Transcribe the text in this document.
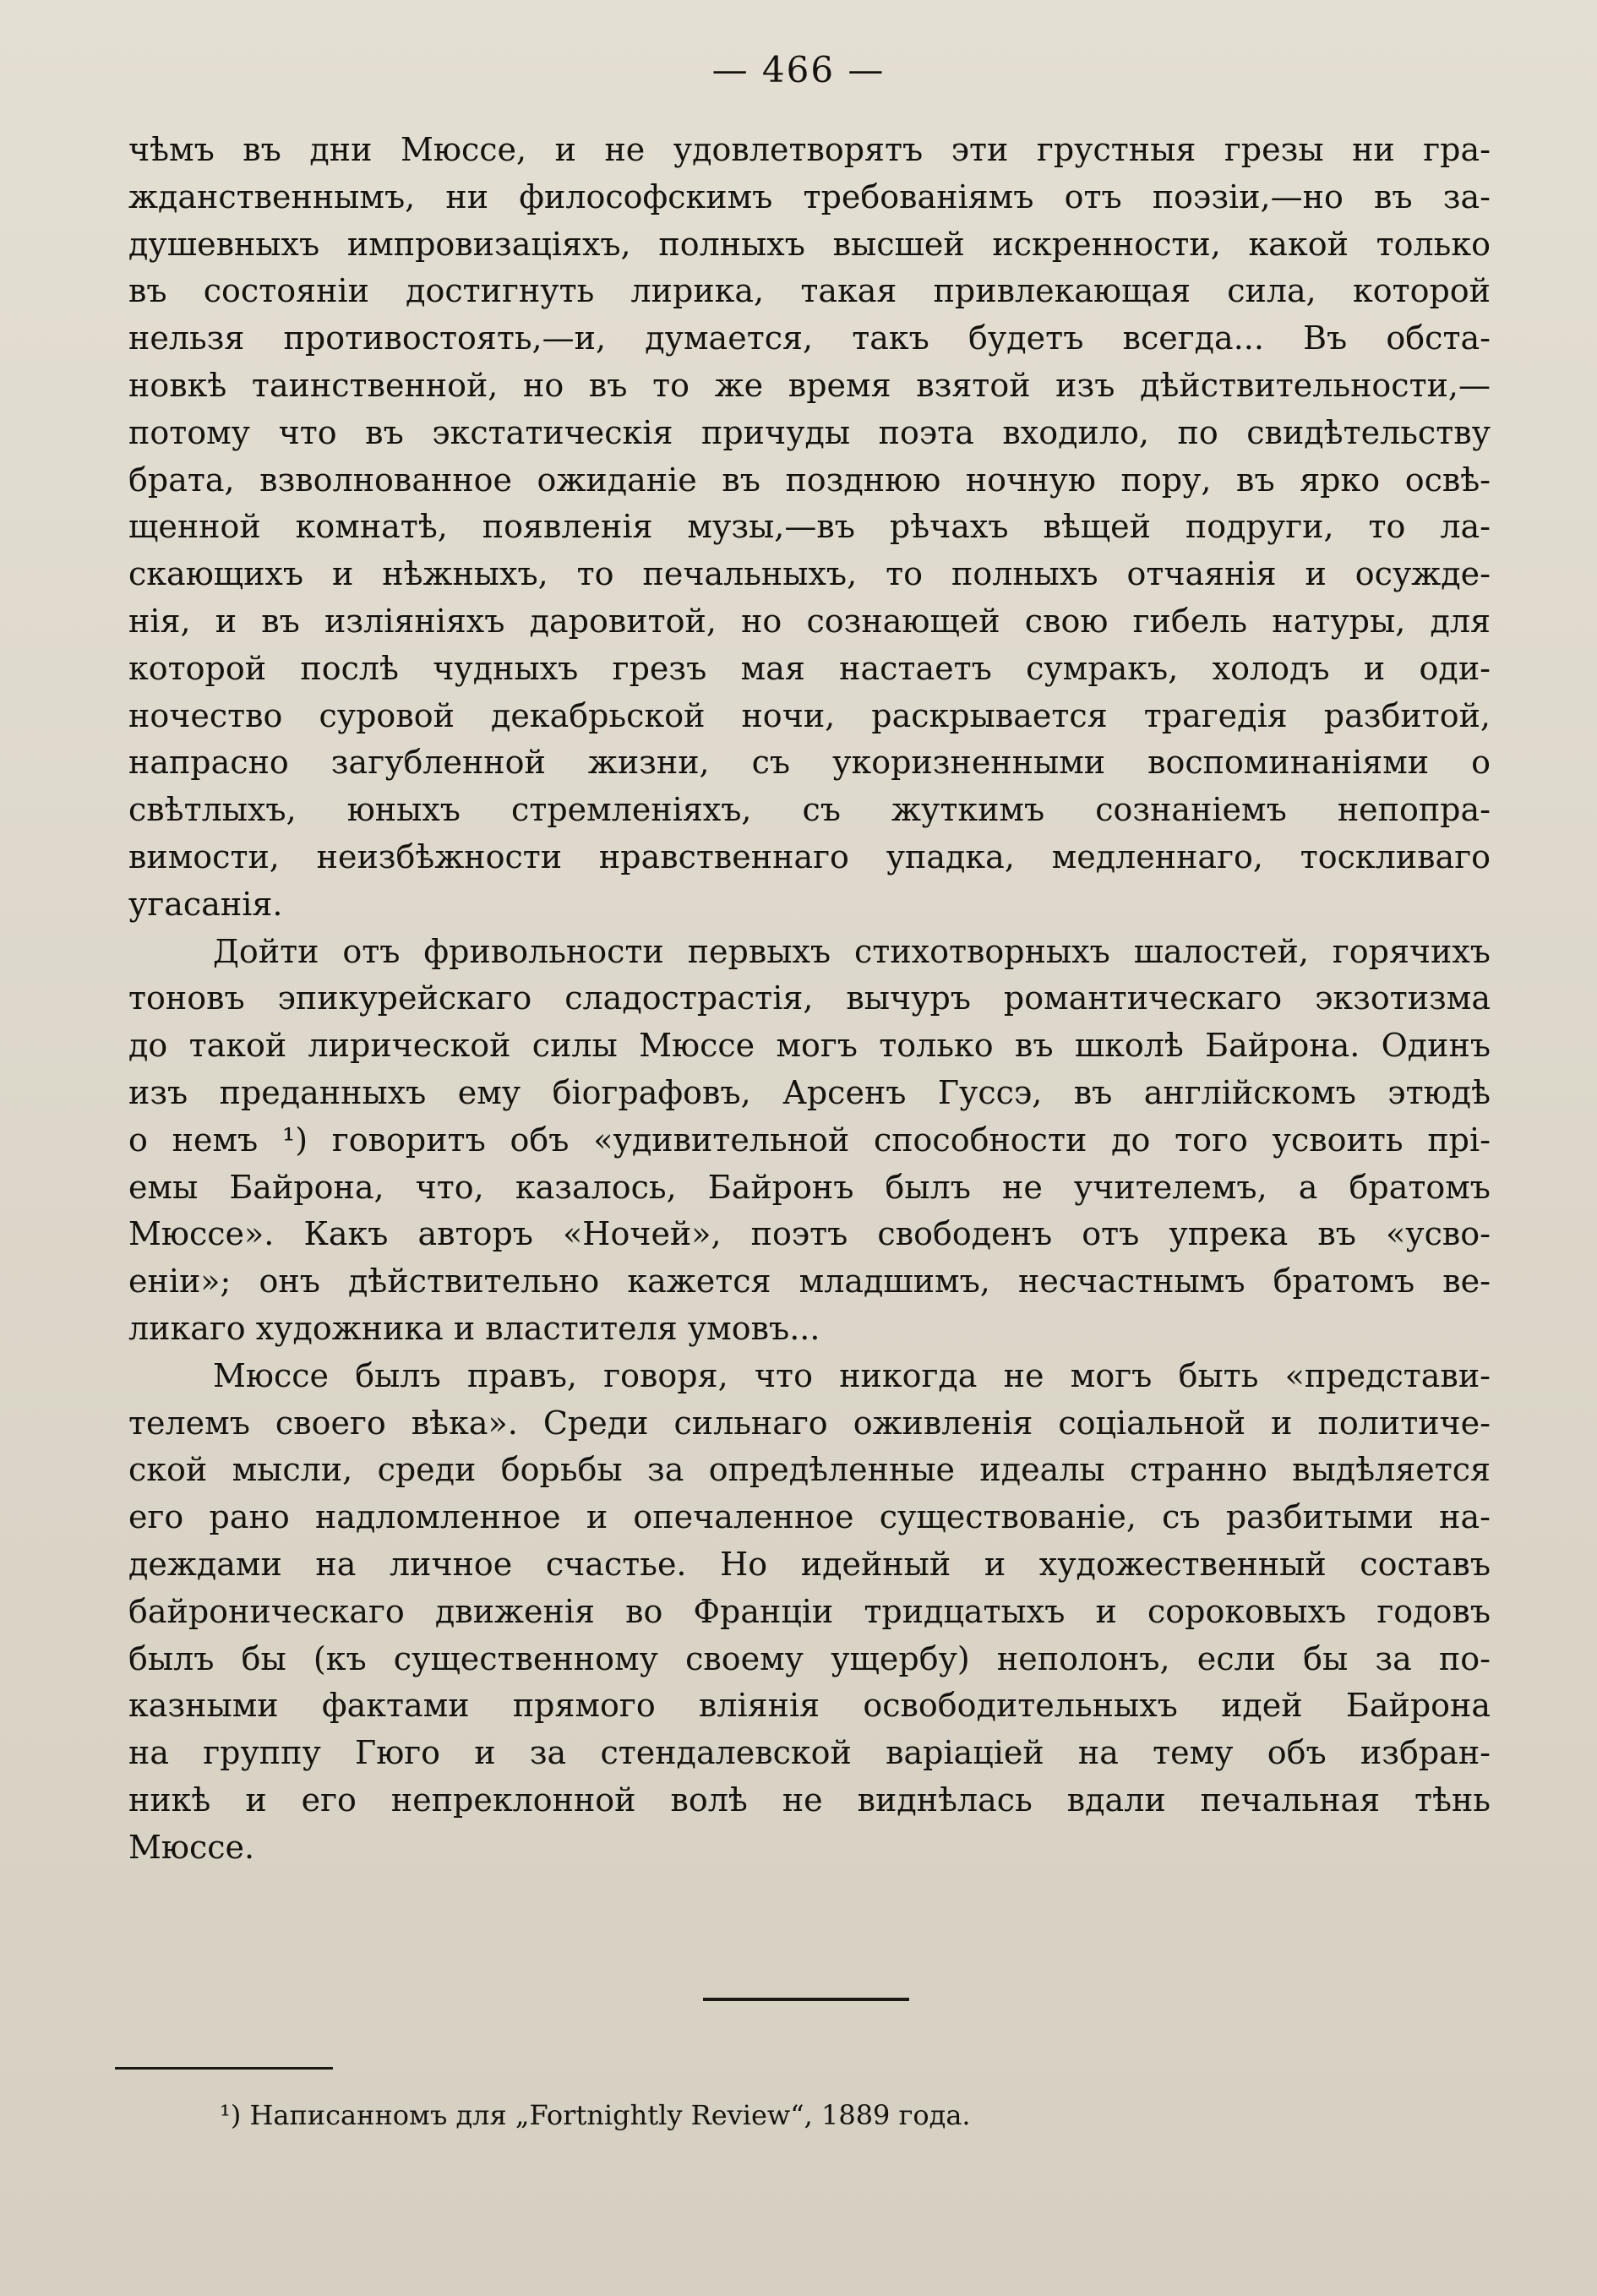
— 466 —
чѣмъ въ дни Мюссе, и не удовлетворятъ эти грустныя грезы ни гра-
жданственнымъ, ни философскимъ требованіямъ отъ поэзіи,—но въ за-
душевныхъ импровизаціяхъ, полныхъ высшей искренности, какой только
въ состояніи достигнуть лирика, такая привлекающая сила, которой
нельзя противостоять,—и, думается, такъ будетъ всегда... Въ обста-
новкѣ таинственной, но въ то же время взятой изъ дѣйствительности,—
потому что въ экстатическія причуды поэта входило, по свидѣтельству
брата, взволнованное ожиданіе въ позднюю ночную пору, въ ярко освѣ-
щенной комнатѣ, появленія музы,—въ рѣчахъ вѣщей подруги, то ла-
скающихъ и нѣжныхъ, то печальныхъ, то полныхъ отчаянія и осужде-
нія, и въ изліяніяхъ даровитой, но сознающей свою гибель натуры, для
которой послѣ чудныхъ грезъ мая настаетъ сумракъ, холодъ и оди-
ночество суровой декабрьской ночи, раскрывается трагедія разбитой,
напрасно загубленной жизни, съ укоризненными воспоминаніями о
свѣтлыхъ, юныхъ стремленіяхъ, съ жуткимъ сознаніемъ непопра-
вимости, неизбѣжности нравственнаго упадка, медленнаго, тоскливаго
угасанія.
Дойти отъ фривольности первыхъ стихотворныхъ шалостей, горячихъ
тоновъ эпикурейскаго сладострастія, вычуръ романтическаго экзотизма
до такой лирической силы Мюссе могъ только въ школѣ Байрона. Одинъ
изъ преданныхъ ему біографовъ, Арсенъ Гуссэ, въ англійскомъ этюдѣ
о немъ ¹) говоритъ объ «удивительной способности до того усвоить прі-
емы Байрона, что, казалось, Байронъ былъ не учителемъ, а братомъ
Мюссе». Какъ авторъ «Ночей», поэтъ свободенъ отъ упрека въ «усво-
еніи»; онъ дѣйствительно кажется младшимъ, несчастнымъ братомъ ве-
ликаго художника и властителя умовъ...
Мюссе былъ правъ, говоря, что никогда не могъ быть «представи-
телемъ своего вѣка». Среди сильнаго оживленія соціальной и политиче-
ской мысли, среди борьбы за опредѣленные идеалы странно выдѣляется
его рано надломленное и опечаленное существованіе, съ разбитыми на-
деждами на личное счастье. Но идейный и художественный составъ
байроническаго движенія во Франціи тридцатыхъ и сороковыхъ годовъ
былъ бы (къ существенному своему ущербу) неполонъ, если бы за по-
казными фактами прямого вліянія освободительныхъ идей Байрона
на группу Гюго и за стендалевской варіаціей на тему объ избран-
никѣ и его непреклонной волѣ не виднѣлась вдали печальная тѣнь
Мюссе.
¹) Написанномъ для „Fortnightly Review“, 1889 года.
